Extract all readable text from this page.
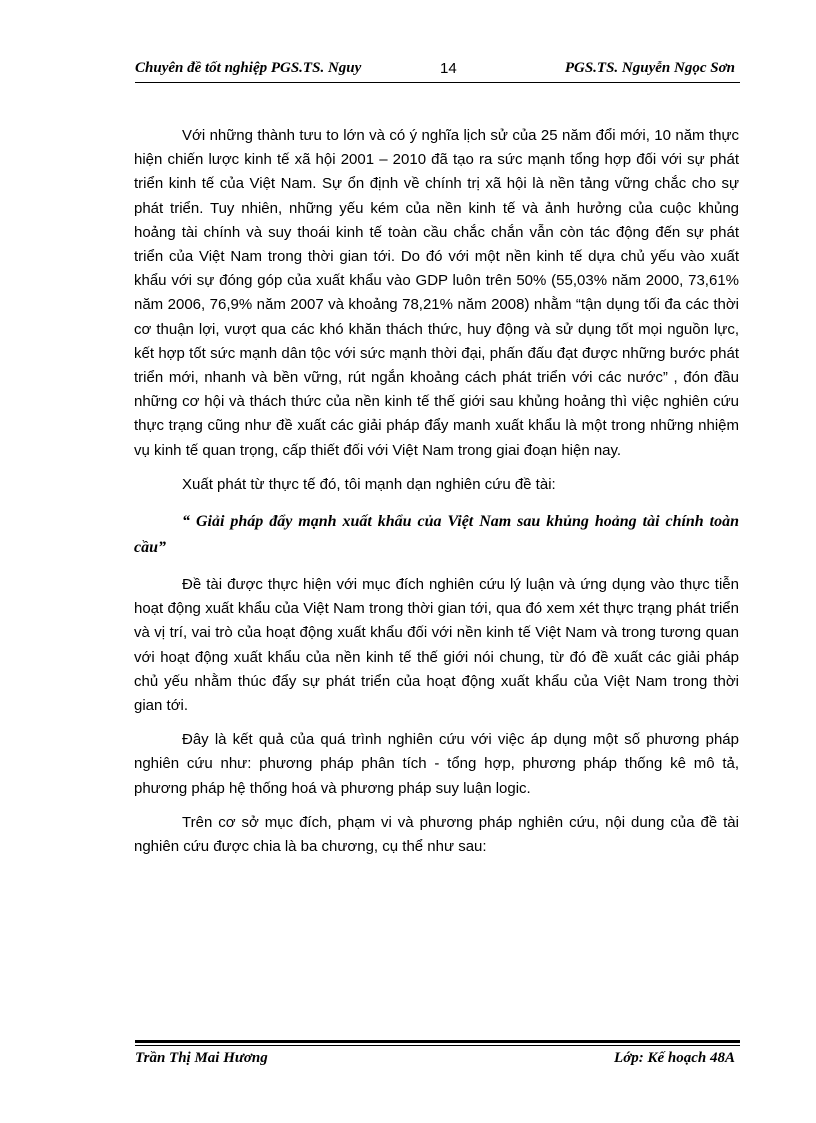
Chuyên đề tốt nghiệp PGS.TS. Nguy	14	PGS.TS. Nguyễn Ngọc Sơn

Với những thành tưu to lớn và có ý nghĩa lịch sử của 25 năm đổi mới, 10 năm thực hiện chiến lược kinh tế xã hội 2001 – 2010 đã tạo ra sức mạnh tổng hợp đối với sự phát triển kinh tế của Việt Nam. Sự ổn định về chính trị xã hội là nền tảng vững chắc cho sự phát triển. Tuy nhiên, những yếu kém của nền kinh tế và ảnh hưởng của cuộc khủng hoảng tài chính và suy thoái kinh tế toàn cầu chắc chắn vẫn còn tác động đến sự phát triển của Việt Nam trong thời gian tới. Do đó với một nền kinh tế dựa chủ yếu vào xuất khẩu với sự đóng góp của xuất khẩu vào GDP luôn trên 50% (55,03% năm 2000, 73,61% năm 2006, 76,9% năm 2007 và khoảng 78,21% năm 2008) nhằm “tận dụng tối đa các thời cơ thuận lợi, vượt qua các khó khăn thách thức, huy động và sử dụng tốt mọi nguồn lực, kết hợp tốt sức mạnh dân tộc với sức mạnh thời đại, phấn đấu đạt được những bước phát triển mới, nhanh và bền vững, rút ngắn khoảng cách phát triển với các nước” , đón đầu những cơ hội và thách thức của nền kinh tế thế giới sau khủng hoảng thì việc nghiên cứu thực trạng cũng như đề xuất các giải pháp đẩy manh xuất khẩu là một trong những nhiệm vụ kinh tế quan trọng, cấp thiết đối với Việt Nam trong giai đoạn hiện nay.

Xuất phát từ thực tế đó, tôi mạnh dạn nghiên cứu đề tài:

“ Giải pháp đẩy mạnh xuất khẩu của Việt Nam sau khủng hoảng tài chính toàn cầu”

Đề tài được thực hiện với mục đích nghiên cứu lý luận và ứng dụng vào thực tiễn hoạt động xuất khẩu của Việt Nam trong thời gian tới, qua đó xem xét thực trạng phát triển và vị trí, vai trò của hoạt động xuất khẩu đối với nền kinh tế Việt Nam và trong tương quan với hoạt động xuất khẩu của nền kinh tế thế giới nói chung, từ đó đề xuất các giải pháp chủ yếu nhằm thúc đẩy sự phát triển của hoạt động xuất khẩu của Việt Nam trong thời gian tới.

Đây là kết quả của quá trình nghiên cứu với việc áp dụng một số phương pháp nghiên cứu như: phương pháp phân tích - tổng hợp, phương pháp thống kê mô tả, phương pháp hệ thống hoá và phương pháp suy luận logic.

Trên cơ sở mục đích, phạm vi và phương pháp nghiên cứu, nội dung của đề tài nghiên cứu được chia là ba chương, cụ thể như sau:

Trần Thị Mai Hương	Lớp: Kế hoạch 48A
